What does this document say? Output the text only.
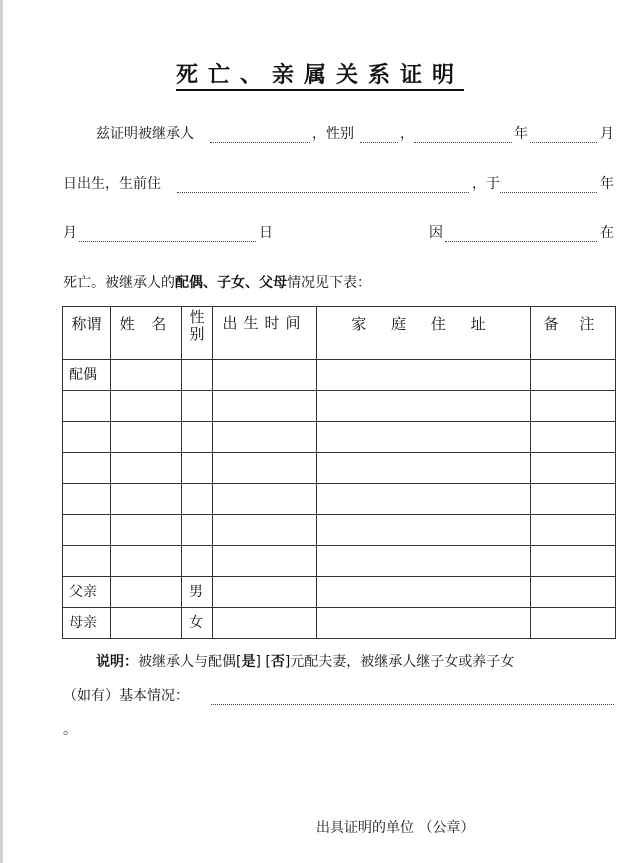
死亡、亲属关系证明
兹证明被继承人	，性别	，	年	月
日出生，生前住	，于	年
月	日	因	在
死亡。被继承人的配偶、子女、父母情况见下表：
称谓	姓 名	性别	出生时间	家 庭 住 址	备 注

配偶					

父亲		男			

母亲		女			

说明：被继承人与配偶[是] [否]元配夫妻，被继承人继子女或养子女
（如有）基本情况：
。
出具证明的单位 （公章）
